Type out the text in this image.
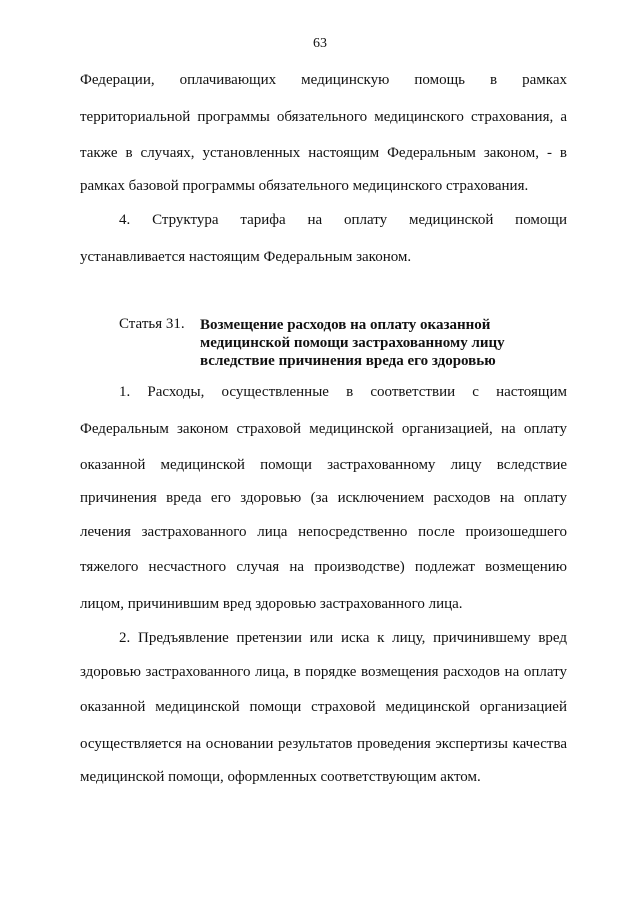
63
Федерации, оплачивающих медицинскую помощь в рамках
территориальной программы обязательного медицинского страхования, а
также в случаях, установленных настоящим Федеральным законом, - в
рамках базовой программы обязательного медицинского страхования.
4. Структура тарифа на оплату медицинской помощи
устанавливается настоящим Федеральным законом.
Статья 31. Возмещение расходов на оплату оказанной
медицинской помощи застрахованному лицу
вследствие причинения вреда его здоровью
1. Расходы, осуществленные в соответствии с настоящим
Федеральным законом страховой медицинской организацией, на оплату
оказанной медицинской помощи застрахованному лицу вследствие
причинения вреда его здоровью (за исключением расходов на оплату
лечения застрахованного лица непосредственно после произошедшего
тяжелого несчастного случая на производстве) подлежат возмещению
лицом, причинившим вред здоровью застрахованного лица.
2. Предъявление претензии или иска к лицу, причинившему вред
здоровью застрахованного лица, в порядке возмещения расходов на оплату
оказанной медицинской помощи страховой медицинской организацией
осуществляется на основании результатов проведения экспертизы качества
медицинской помощи, оформленных соответствующим актом.
